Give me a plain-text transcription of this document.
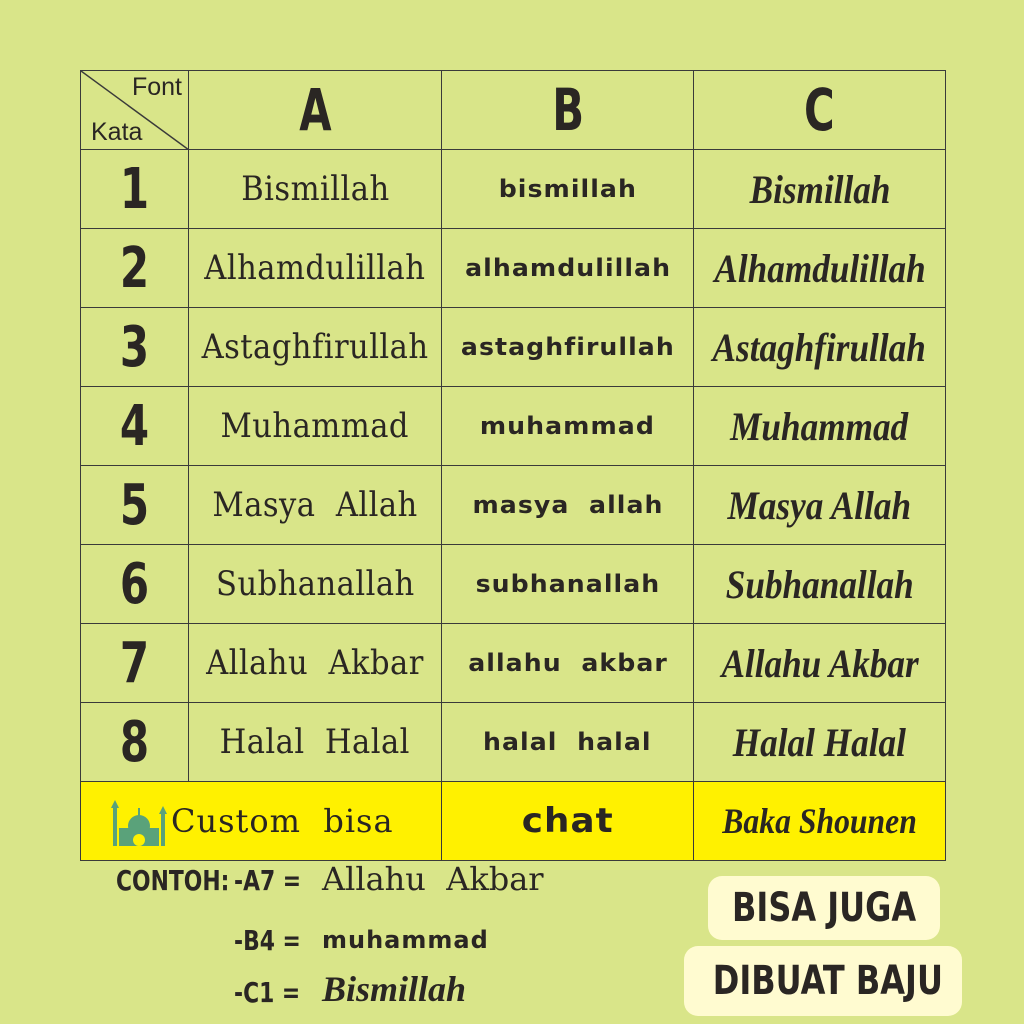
Font
Kata	A	B	C
1	Bismillah	bismillah	Bismillah
2	Alhamdulillah	alhamdulillah	Alhamdulillah
3	Astaghfirullah	astaghfirullah	Astaghfirullah
4	Muhammad	muhammad	Muhammad
5	Masya  Allah	masya  allah	Masya Allah
6	Subhanallah	subhanallah	Subhanallah
7	Allahu  Akbar	allahu  akbar	Allahu Akbar
8	Halal  Halal	halal  halal	Halal Halal

Custom  bisa		chat	Baka Shounen
CONTOH: -A7 = Allahu  Akbar
-B4 = muhammad
-C1 = Bismillah
BISA JUGA
DIBUAT BAJU
